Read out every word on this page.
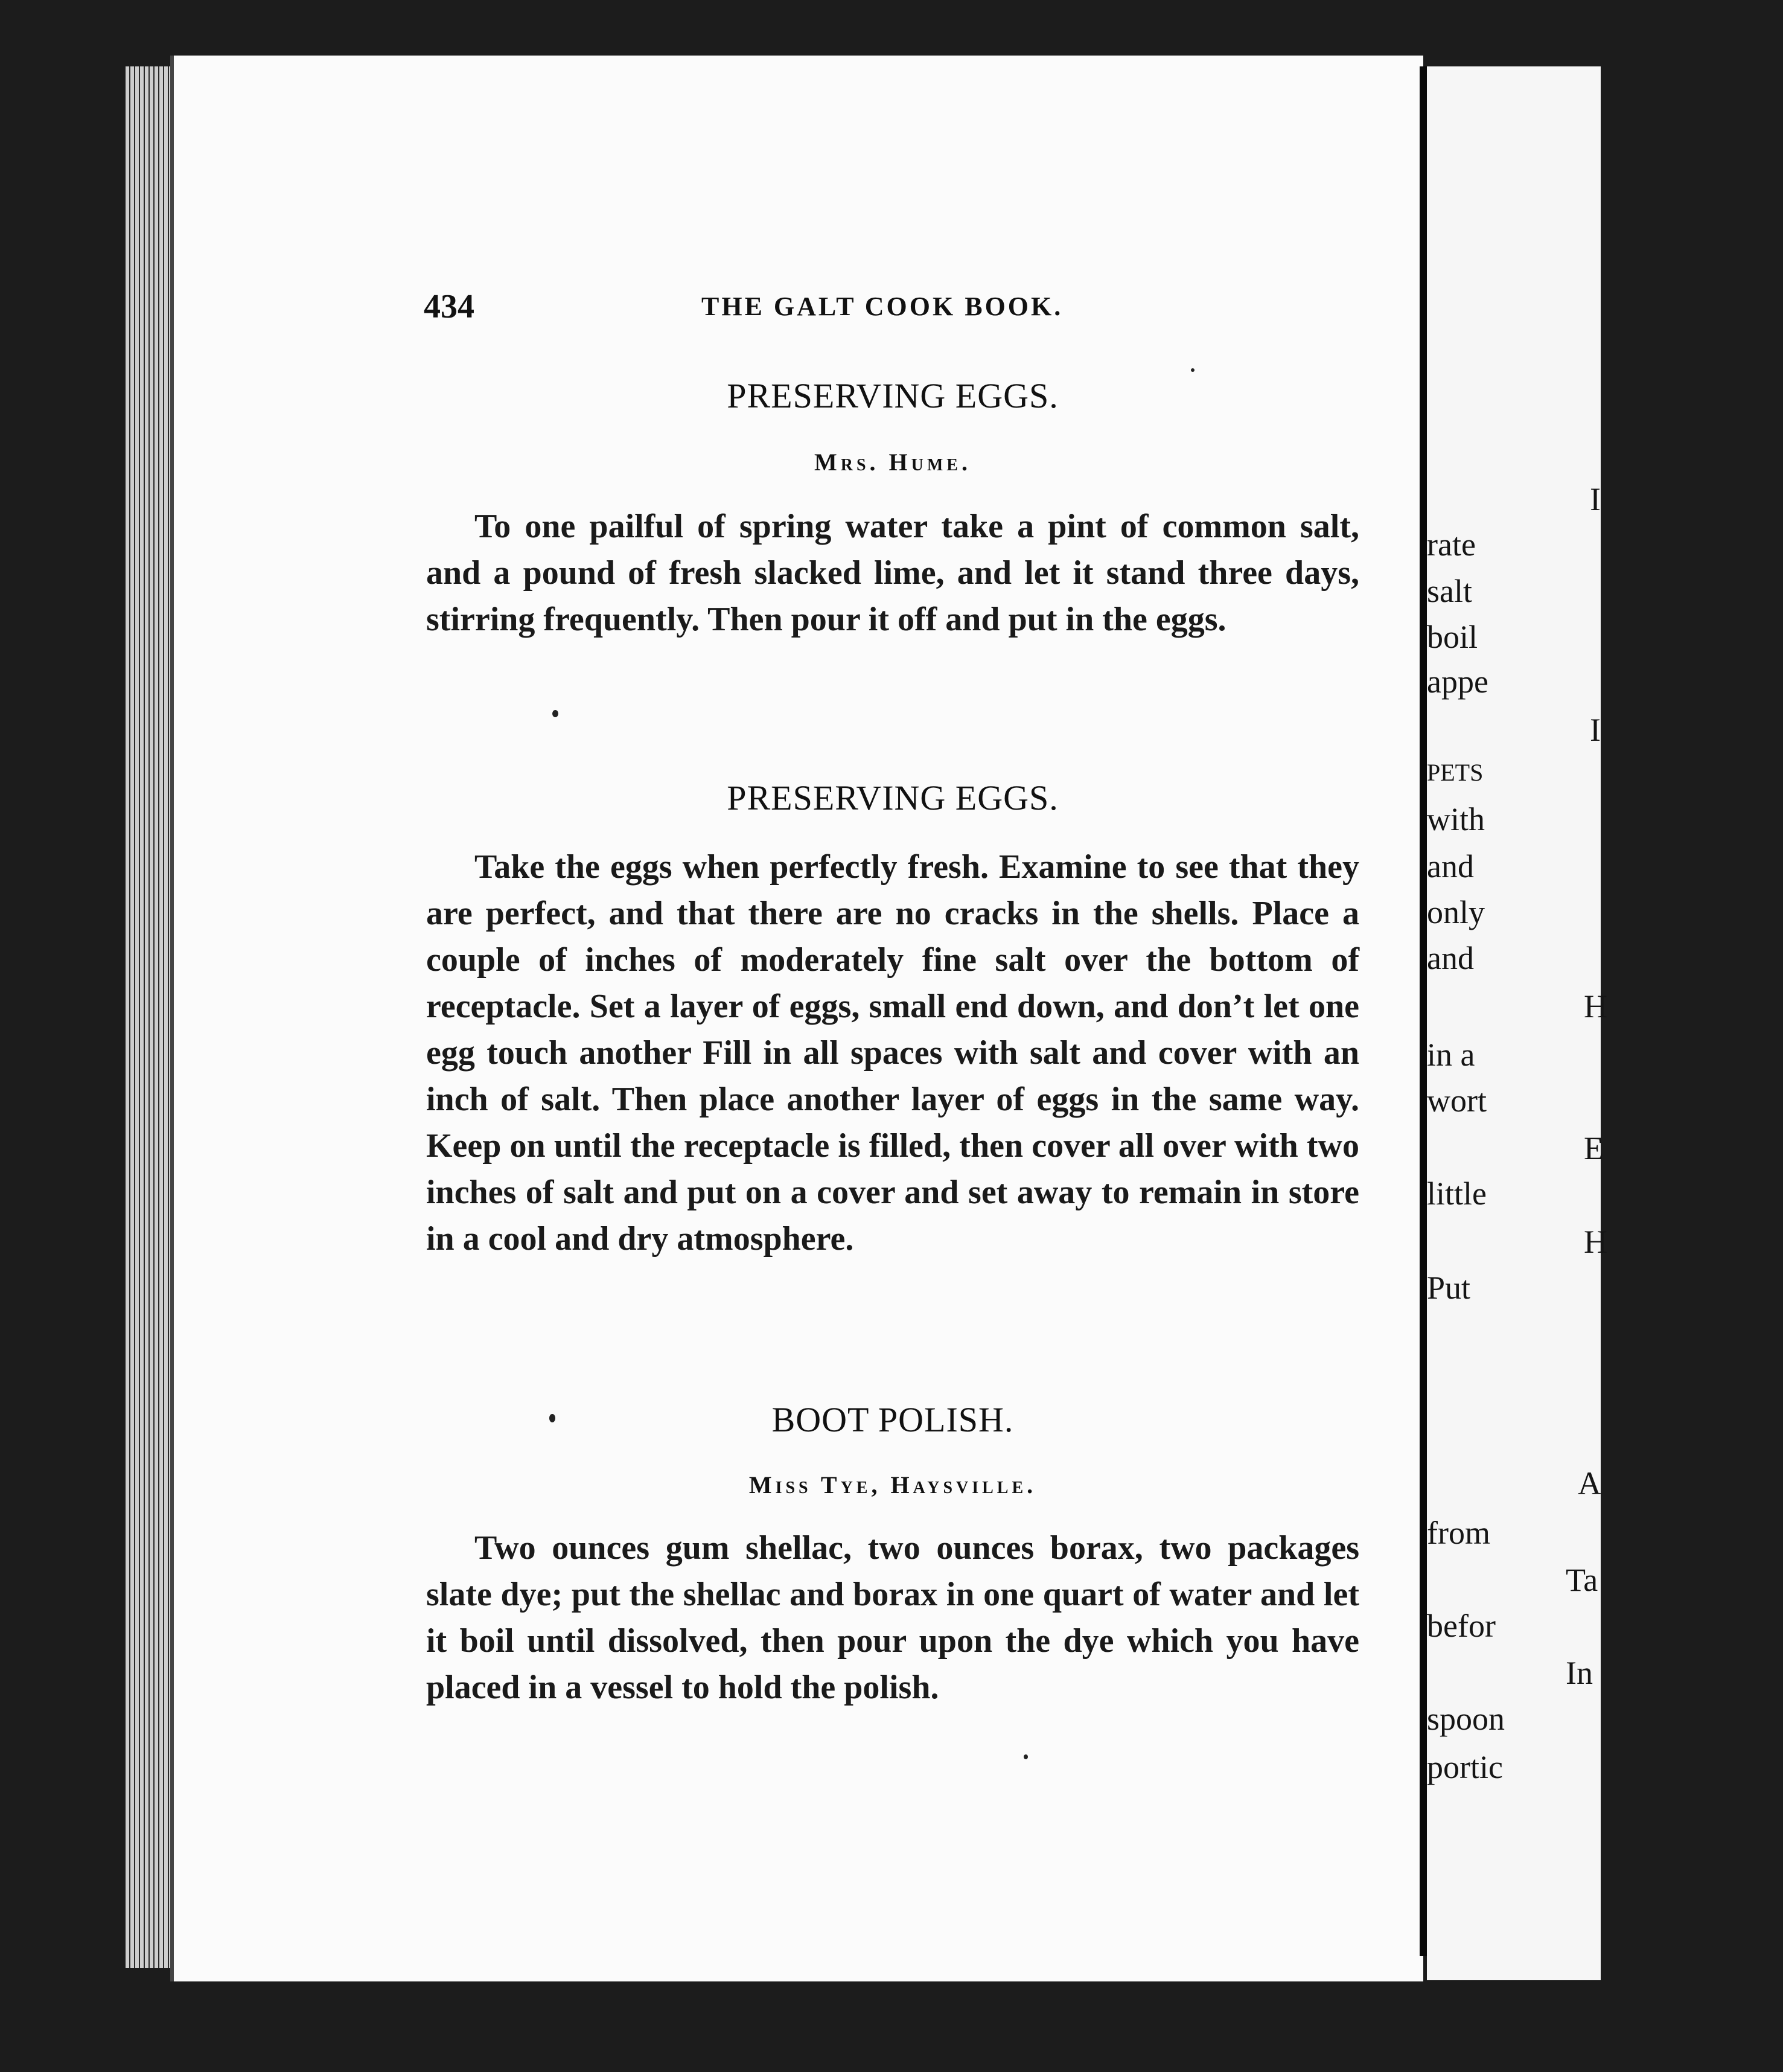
I
rate
salt
boil
appe
I
PETS
with
and
only
and
H
in a
wort
E
little
H
Put
A
from
Ta
befor
In
spoon
portic
434	THE GALT COOK BOOK.
PRESERVING EGGS.

Mrs. Hume.

To one pailful of spring water take a pint of common salt, and a pound of fresh slacked lime, and let it stand three days, stirring frequently. Then pour it off and put in the eggs.

PRESERVING EGGS.

Take the eggs when perfectly fresh. Examine to see that they are perfect, and that there are no cracks in the shells. Place a couple of inches of moderately fine salt over the bottom of receptacle. Set a layer of eggs, small end down, and don’t let one egg touch another Fill in all spaces with salt and cover with an inch of salt. Then place another layer of eggs in the same way. Keep on until the receptacle is filled, then cover all over with two inches of salt and put on a cover and set away to remain in store in a cool and dry atmosphere.

BOOT POLISH.

Miss Tye, Haysville.

Two ounces gum shellac, two ounces borax, two packages slate dye; put the shellac and borax in one quart of water and let it boil until dissolved, then pour upon the dye which you have placed in a vessel to hold the polish.
